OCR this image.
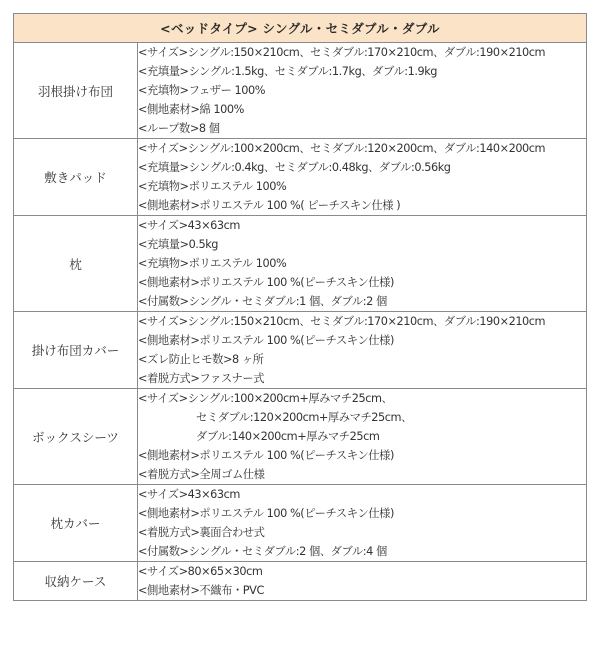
<ベッドタイプ> シングル・セミダブル・ダブル	
羽根掛け布団	<サイズ>シングル:150×210cm、セミダブル:170×210cm、ダブル:190×210cm
<充填量>シングル:1.5kg、セミダブル:1.7kg、ダブル:1.9kg
<充填物>フェザー 100%
<側地素材>綿 100%
<ループ数>8 個

敷きパッド	<サイズ>シングル:100×200cm、セミダブル:120×200cm、ダブル:140×200cm
<充填量>シングル:0.4kg、セミダブル:0.48kg、ダブル:0.56kg
<充填物>ポリエステル 100%
<側地素材>ポリエステル 100 %( ピーチスキン仕様 )

枕	<サイズ>43×63cm
<充填量>0.5kg
<充填物>ポリエステル 100%
<側地素材>ポリエステル 100 %(ピーチスキン仕様)
<付属数>シングル・セミダブル:1 個、ダブル:2 個

掛け布団カバー	<サイズ>シングル:150×210cm、セミダブル:170×210cm、ダブル:190×210cm
<側地素材>ポリエステル 100 %(ピーチスキン仕様)
<ズレ防止ヒモ数>8 ヶ所
<着脱方式>ファスナー式

ボックスシーツ	<サイズ>シングル:100×200cm+厚みマチ25cm、
セミダブル:120×200cm+厚みマチ25cm、
ダブル:140×200cm+厚みマチ25cm
<側地素材>ポリエステル 100 %(ピーチスキン仕様)
<着脱方式>全周ゴム仕様

枕カバー	<サイズ>43×63cm
<側地素材>ポリエステル 100 %(ピーチスキン仕様)
<着脱方式>裏面合わせ式
<付属数>シングル・セミダブル:2 個、ダブル:4 個

収納ケース	<サイズ>80×65×30cm
<側地素材>不織布・PVC
